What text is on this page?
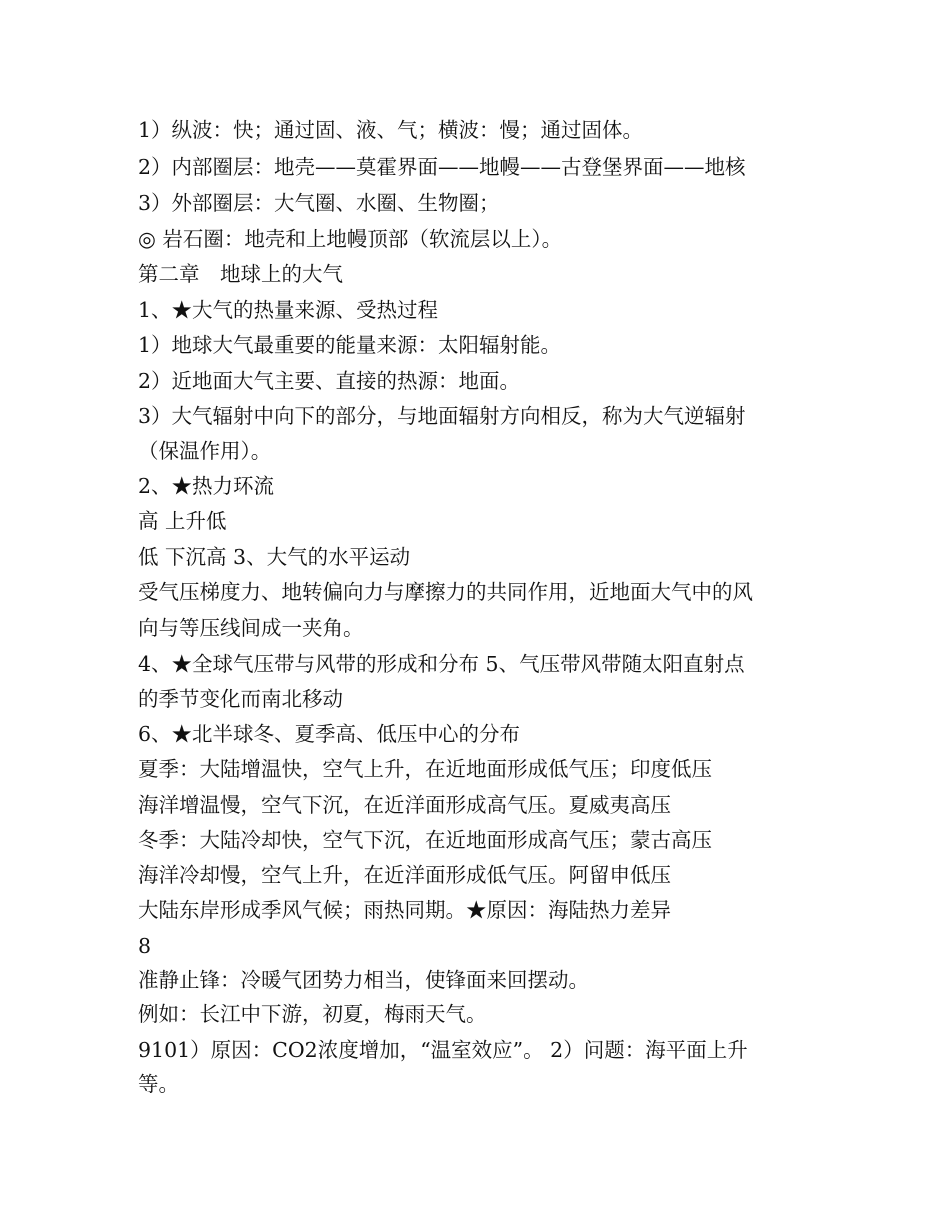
1）纵波：快；通过固、液、气；横波：慢；通过固体。
2）内部圈层：地壳——莫霍界面——地幔——古登堡界面——地核
3）外部圈层：大气圈、水圈、生物圈；
◎ 岩石圈：地壳和上地幔顶部（软流层以上）。
第二章　地球上的大气
1、★大气的热量来源、受热过程
1）地球大气最重要的能量来源：太阳辐射能。
2）近地面大气主要、直接的热源：地面。
3）大气辐射中向下的部分，与地面辐射方向相反，称为大气逆辐射
（保温作用）。
2、★热力环流
高 上升低
低 下沉高 3、大气的水平运动
受气压梯度力、地转偏向力与摩擦力的共同作用，近地面大气中的风
向与等压线间成一夹角。
4、★全球气压带与风带的形成和分布 5、气压带风带随太阳直射点
的季节变化而南北移动
6、★北半球冬、夏季高、低压中心的分布
夏季：大陆增温快，空气上升，在近地面形成低气压；印度低压
海洋增温慢，空气下沉，在近洋面形成高气压。夏威夷高压
冬季：大陆冷却快，空气下沉，在近地面形成高气压；蒙古高压
海洋冷却慢，空气上升，在近洋面形成低气压。阿留申低压
大陆东岸形成季风气候；雨热同期。★原因：海陆热力差异
8
准静止锋：冷暖气团势力相当，使锋面来回摆动。
例如：长江中下游，初夏，梅雨天气。
9101）原因：CO2浓度增加，“温室效应”。 2）问题：海平面上升
等。
